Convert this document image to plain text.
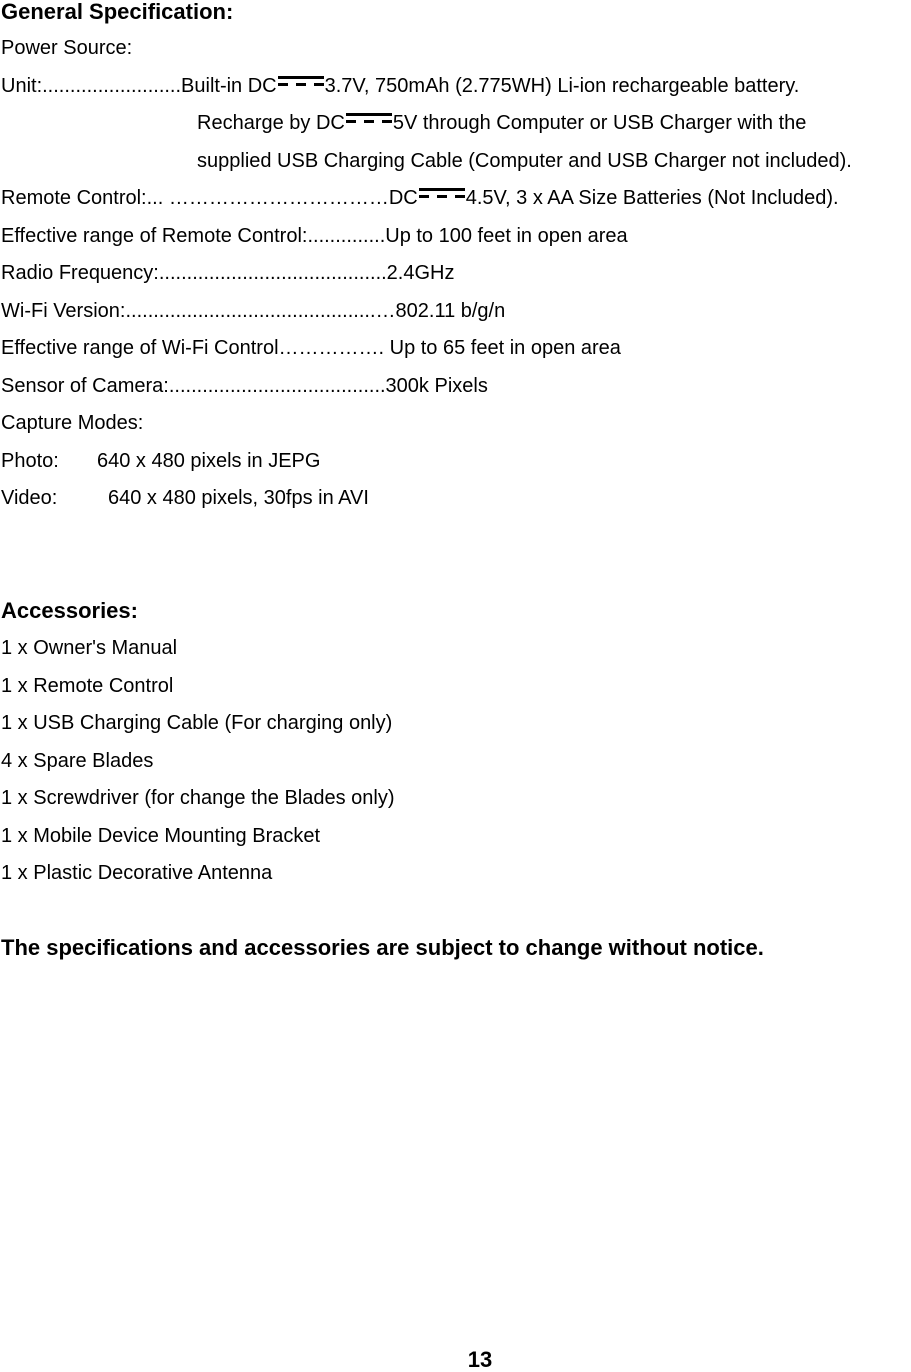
General Specification:
Power Source:
Unit:.........................Built-in DC 3.7V, 750mAh (2.775WH) Li-ion rechargeable battery.
Recharge by DC 5V through Computer or USB Charger with the
supplied USB Charging Cable (Computer and USB Charger not included).
Remote Control:... ……………………………DC 4.5V, 3 x AA Size Batteries (Not Included).
Effective range of Remote Control:..............Up to 100 feet in open area
Radio Frequency:.........................................2.4GHz
Wi-Fi Version:.............................................…802.11 b/g/n
Effective range of Wi-Fi Control……………. Up to 65 feet in open area
Sensor of Camera:.......................................300k Pixels
Capture Modes:
Photo: 640 x 480 pixels in JEPG
Video:	640 x 480 pixels, 30fps in AVI
Accessories:
1 x Owner's Manual
1 x Remote Control
1 x USB Charging Cable (For charging only)
4 x Spare Blades
1 x Screwdriver (for change the Blades only)
1 x Mobile Device Mounting Bracket
1 x Plastic Decorative Antenna
The specifications and accessories are subject to change without notice.
13
